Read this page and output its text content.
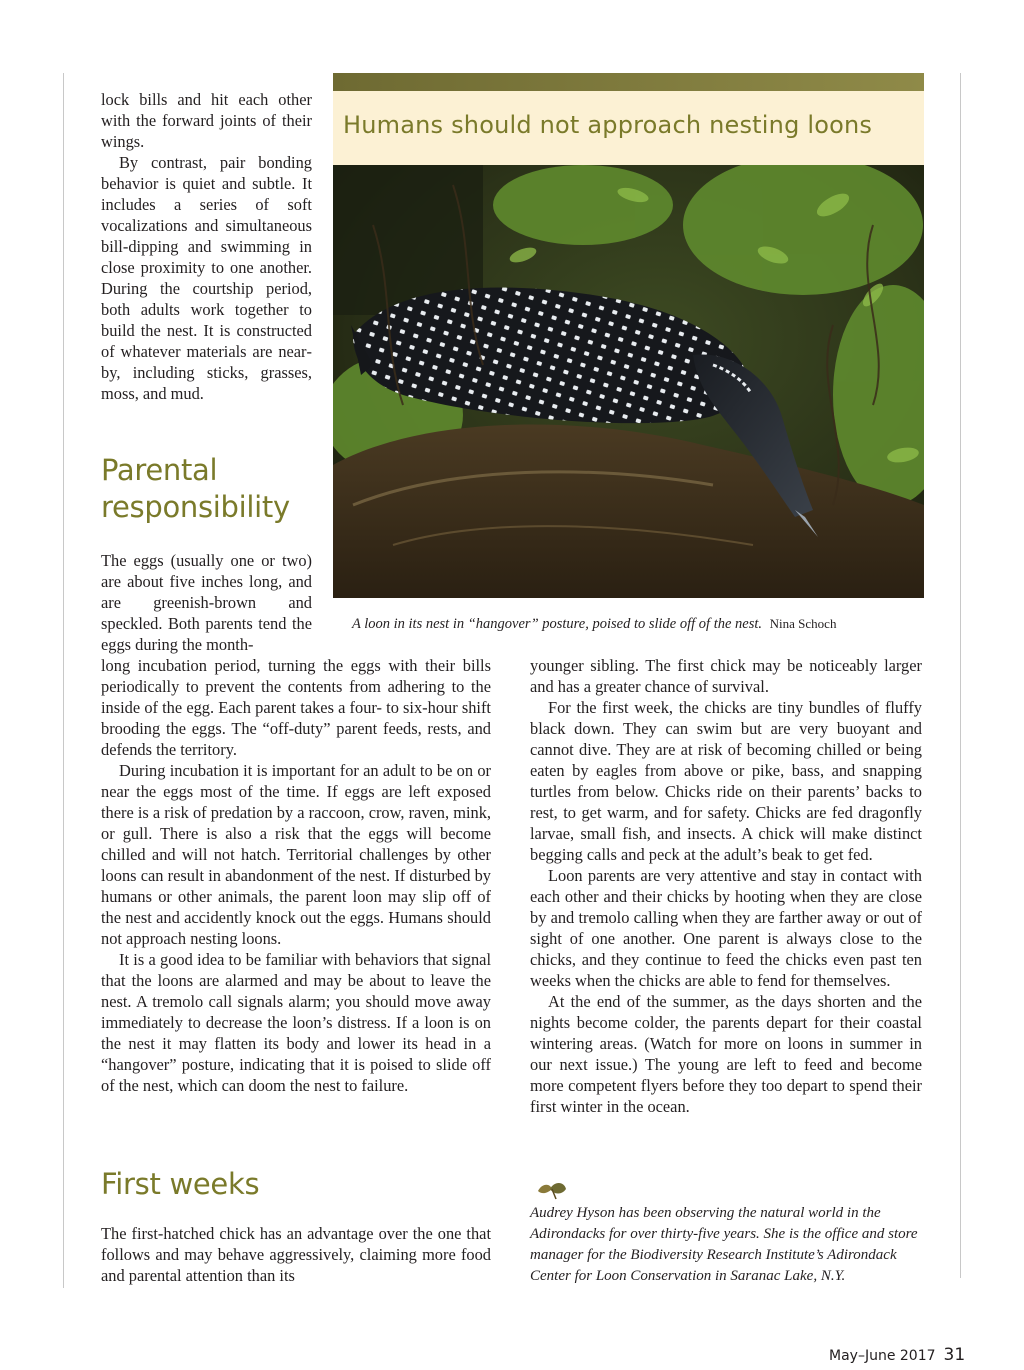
lock bills and hit each other with the forward joints of their wings.

By contrast, pair bonding behavior is quiet and subtle. It includes a series of soft vocalizations and simultaneous bill-dipping and swimming in close proximity to one another. During the courtship period, both adults work together to build the nest. It is constructed of whatever materials are nearby, including sticks, grasses, moss, and mud.

Parental
responsibility

The eggs (usually one or two) are about five inches long, and are greenish-brown and speckled. Both parents tend the eggs during the month-

long incubation period, turning the eggs with their bills periodically to prevent the contents from adhering to the inside of the egg. Each parent takes a four- to six-hour shift brooding the eggs. The “off-duty” parent feeds, rests, and defends the territory.

During incubation it is important for an adult to be on or near the eggs most of the time. If eggs are left exposed there is a risk of predation by a raccoon, crow, raven, mink, or gull. There is also a risk that the eggs will become chilled and will not hatch. Territorial challenges by other loons can result in abandonment of the nest. If disturbed by humans or other animals, the parent loon may slip off of the nest and accidently knock out the eggs. Humans should not approach nesting loons.

It is a good idea to be familiar with behaviors that signal that the loons are alarmed and may be about to leave the nest. A tremolo call signals alarm; you should move away immediately to decrease the loon’s distress. If a loon is on the nest it may flatten its body and lower its head in a “hangover” posture, indicating that it is poised to slide off of the nest, which can doom the nest to failure.

First weeks

The first-hatched chick has an advantage over the one that follows and may behave aggressively, claiming more food and parental attention than its

Humans should not approach nesting loons
A loon in its nest in “hangover” posture, poised to slide off of the nest. Nina Schoch

younger sibling. The first chick may be noticeably larger and has a greater chance of survival.

For the first week, the chicks are tiny bundles of fluffy black down. They can swim but are very buoyant and cannot dive. They are at risk of becoming chilled or being eaten by eagles from above or pike, bass, and snapping turtles from below. Chicks ride on their parents’ backs to rest, to get warm, and for safety. Chicks are fed dragonfly larvae, small fish, and insects. A chick will make distinct begging calls and peck at the adult’s beak to get fed.

Loon parents are very attentive and stay in contact with each other and their chicks by hooting when they are close by and tremolo calling when they are farther away or out of sight of one another. One parent is always close to the chicks, and they continue to feed the chicks even past ten weeks when the chicks are able to fend for themselves.

At the end of the summer, as the days shorten and the nights become colder, the parents depart for their coastal wintering areas. (Watch for more on loons in summer in our next issue.) The young are left to feed and become more competent flyers before they too depart to spend their first winter in the ocean.

Audrey Hyson has been observing the natural world in the Adirondacks for over thirty-five years. She is the office and store manager for the Biodiversity Research Institute’s Adirondack Center for Loon Conservation in Saranac Lake, N.Y.
May–June 2017 31
